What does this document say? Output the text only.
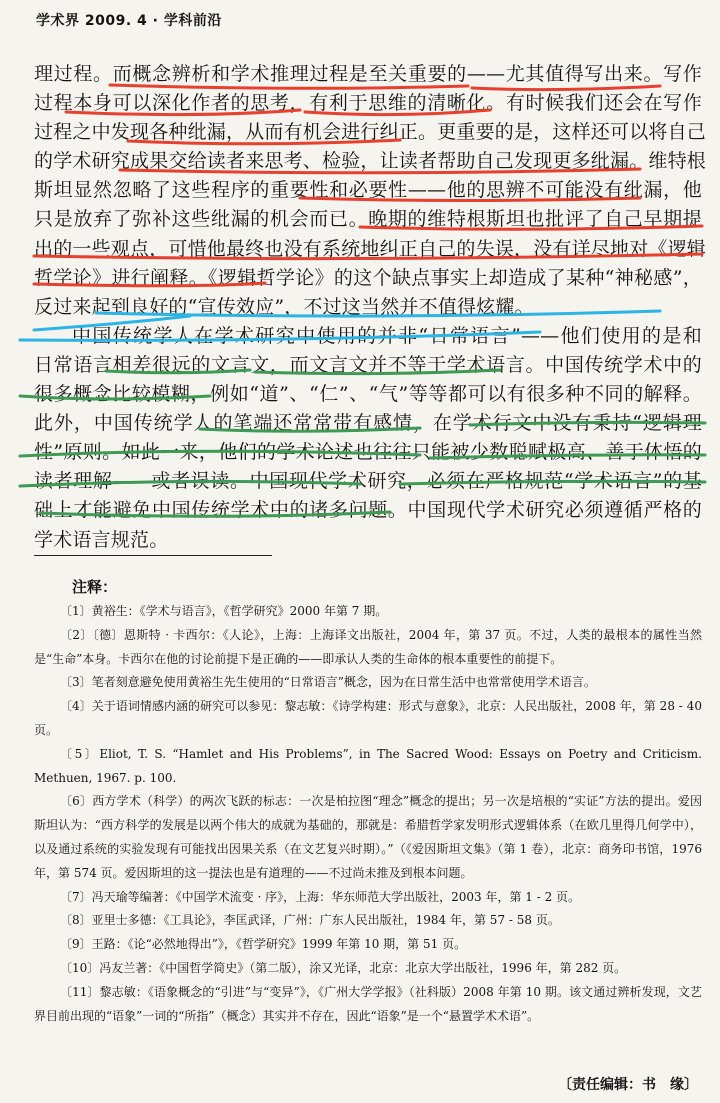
学术界 2009. 4 · 学科前沿
理过程。而概念辨析和学术推理过程是至关重要的——尤其值得写出来。写作
过程本身可以深化作者的思考，有利于思维的清晰化。有时候我们还会在写作
过程之中发现各种纰漏，从而有机会进行纠正。更重要的是，这样还可以将自己
的学术研究成果交给读者来思考、检验，让读者帮助自己发现更多纰漏。维特根
斯坦显然忽略了这些程序的重要性和必要性——他的思辨不可能没有纰漏，他
只是放弃了弥补这些纰漏的机会而已。晚期的维特根斯坦也批评了自己早期提
出的一些观点，可惜他最终也没有系统地纠正自己的失误，没有详尽地对《逻辑
哲学论》进行阐释。《逻辑哲学论》的这个缺点事实上却造成了某种“神秘感”，
反过来起到良好的“宣传效应”，不过这当然并不值得炫耀。
中国传统学人在学术研究中使用的并非“日常语言”——他们使用的是和
日常语言相差很远的文言文，而文言文并不等于学术语言。中国传统学术中的
很多概念比较模糊，例如“道”、“仁”、“气”等等都可以有很多种不同的解释。
此外，中国传统学人的笔端还常常带有感情，在学术行文中没有秉持“逻辑理
性”原则。如此一来，他们的学术论述也往往只能被少数聪赋极高、善于体悟的
读者理解——或者误读。中国现代学术研究，必须在严格规范“学术语言”的基
础上才能避免中国传统学术中的诸多问题。中国现代学术研究必须遵循严格的
学术语言规范。
注释：
〔1〕黄裕生：《学术与语言》，《哲学研究》2000 年第 7 期。
〔2〕〔德〕恩斯特 · 卡西尔：《人论》，上海：上海译文出版社，2004 年，第 37 页。不过，人类的最根本的属性当然是“生命”本身。卡西尔在他的讨论前提下是正确的——即承认人类的生命体的根本重要性的前提下。
〔3〕笔者刻意避免使用黄裕生先生使用的“日常语言”概念，因为在日常生活中也常常使用学术语言。
〔4〕关于语词情感内涵的研究可以参见：黎志敏：《诗学构建：形式与意象》，北京：人民出版社，2008 年，第 28 - 40 页。
〔5〕Eliot, T. S. “Hamlet and His Problems”, in The Sacred Wood: Essays on Poetry and Criticism. Methuen, 1967. p. 100.
〔6〕西方学术（科学）的两次飞跃的标志：一次是柏拉图“理念”概念的提出；另一次是培根的“实证”方法的提出。爱因斯坦认为：“西方科学的发展是以两个伟大的成就为基础的，那就是：希腊哲学家发明形式逻辑体系（在欧几里得几何学中），以及通过系统的实验发现有可能找出因果关系（在文艺复兴时期）。”（《爱因斯坦文集》（第 1 卷），北京：商务印书馆，1976 年，第 574 页。爱因斯坦的这一提法也是有道理的——不过尚未推及到根本问题。
〔7〕冯天瑜等编著：《中国学术流变 · 序》，上海：华东师范大学出版社，2003 年，第 1 - 2 页。
〔8〕亚里士多德：《工具论》，李匡武译，广州：广东人民出版社，1984 年，第 57 - 58 页。
〔9〕王路：《论“必然地得出”》，《哲学研究》1999 年第 10 期，第 51 页。
〔10〕冯友兰著：《中国哲学简史》（第二版），涂又光译，北京：北京大学出版社，1996 年，第 282 页。
〔11〕黎志敏：《语象概念的“引进”与“变异”》，《广州大学学报》（社科版）2008 年第 10 期。该文通过辨析发现，文艺界目前出现的“语象”一词的“所指”（概念）其实并不存在，因此“语象”是一个“悬置学术术语”。
〔责任编辑：书　缘〕
